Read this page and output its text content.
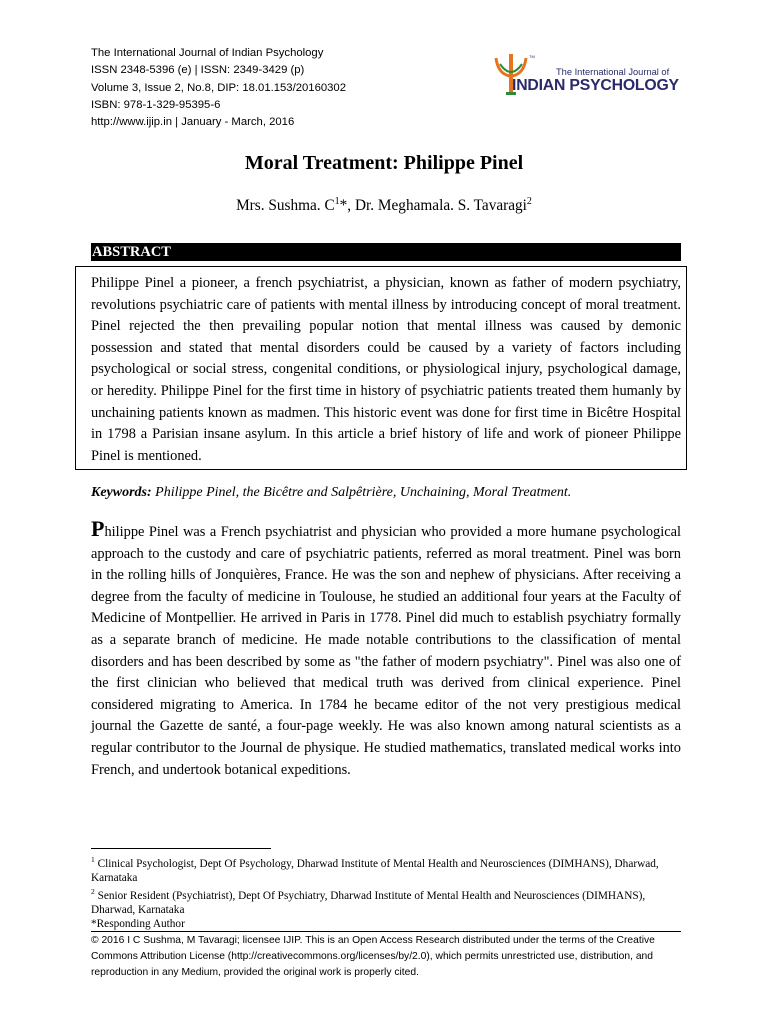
The International Journal of Indian Psychology
ISSN 2348-5396 (e) | ISSN: 2349-3429 (p)
Volume 3, Issue 2, No.8, DIP: 18.01.153/20160302
ISBN: 978-1-329-95395-6
http://www.ijip.in | January - March, 2016
TM
The International Journal of
INDIAN PSYCHOLOGY
Moral Treatment: Philippe Pinel
Mrs. Sushma. $C^1*$, Dr. Meghamala. S. Tavaragi$^2$
ABSTRACT
Philippe Pinel a pioneer, a french psychiatrist, a physician, known as father of modern psychiatry, revolutions psychiatric care of patients with mental illness by introducing concept of moral treatment. Pinel rejected the then prevailing popular notion that mental illness was caused by demonic possession and stated that mental disorders could be caused by a variety of factors including psychological or social stress, congenital conditions, or physiological injury, psychological damage, or heredity. Philippe Pinel for the first time in history of psychiatric patients treated them humanly by unchaining patients known as madmen. This historic event was done for first time in Bicêtre Hospital in 1798 a Parisian insane asylum. In this article a brief history of life and work of pioneer Philippe Pinel is mentioned.
Keywords: Philippe Pinel, the Bicêtre and Salpêtrière, Unchaining, Moral Treatment.
Philippe Pinel was a French psychiatrist and physician who provided a more humane psychological approach to the custody and care of psychiatric patients, referred as moral treatment. Pinel was born in the rolling hills of Jonquières, France. He was the son and nephew of physicians. After receiving a degree from the faculty of medicine in Toulouse, he studied an additional four years at the Faculty of Medicine of Montpellier. He arrived in Paris in 1778. Pinel did much to establish psychiatry formally as a separate branch of medicine. He made notable contributions to the classification of mental disorders and has been described by some as "the father of modern psychiatry". Pinel was also one of the first clinician who believed that medical truth was derived from clinical experience. Pinel considered migrating to America. In 1784 he became editor of the not very prestigious medical journal the Gazette de santé, a four-page weekly. He was also known among natural scientists as a regular contributor to the Journal de physique. He studied mathematics, translated medical works into French, and undertook botanical expeditions.
$^1$ Clinical Psychologist, Dept Of Psychology, Dharwad Institute of Mental Health and Neurosciences (DIMHANS), Dharwad, Karnataka
$^2$ Senior Resident (Psychiatrist), Dept Of Psychiatry, Dharwad Institute of Mental Health and Neurosciences (DIMHANS), Dharwad, Karnataka
*Responding Author
© 2016 I C Sushma, M Tavaragi; licensee IJIP. This is an Open Access Research distributed under the terms of the Creative Commons Attribution License (http://creativecommons.org/licenses/by/2.0), which permits unrestricted use, distribution, and reproduction in any Medium, provided the original work is properly cited.
